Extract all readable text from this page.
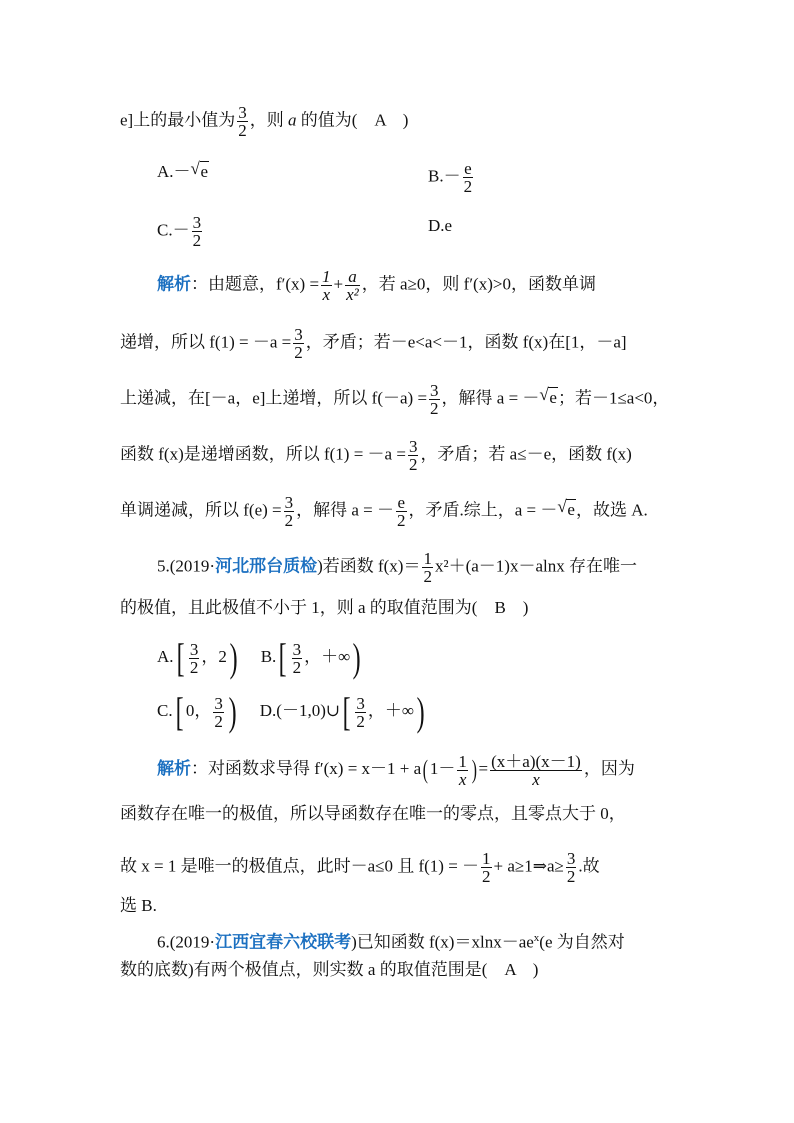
e]上的最小值为 $\frac{3}{2}$ ，则 a 的值为(　A　)
A.－ √ e	$B.- \frac{e}{2}$
$C.- \frac{3}{2}$	D.e
解析：由题意，$f'(x) = \frac{1}{x} + \frac{a}{\text{x²}}$ ，若 a≥0，则 f′(x)>0，函数单调
递增，所以 $f(1) = -a = \frac{3}{2}$ ，矛盾；若－e<a<－1，函数 f(x)在[1，－a]
上递减，在[－a，e]上递增，所以 $f(-a) = \frac{3}{2}$ ，解得 a = － √ e；若－1≤a<0，
函数 f(x)是递增函数，所以 $f(1) = -a = \frac{3}{2}$ ，矛盾；若 a≤－e，函数 f(x)
单调递减，所以 $f(e) = \frac{3}{2}$ ，解得 a = － $\frac{e}{2}$ ，矛盾.综上，a = － √ e，故选 A.
5.(2019·河北邢台质检)若函数 $f(x)= \frac{1}{2} x^2+(a-1)x-alnx$ 存在唯一
的极值，且此极值不小于 1，则 a 的取值范围为(　B　)
$A.[ \frac{3}{2}$ ，2) $B.[ \frac{3}{2}$ ，＋∞)
C.[ 0， $\frac{3}{2}$ ) D.(－1,0)∪[ $\frac{3}{2}$ ，＋∞)
解析：对函数求导得 f′(x) = x－1 + a( $1- \frac{1}{x}$ ) = $\frac{(x+a)(x-1)}{x}$ ，因为
函数存在唯一的极值，所以导函数存在唯一的零点，且零点大于 0，
故 x = 1 是唯一的极值点，此时－a≤0 且 f(1) = － $\frac{1}{2}$ + a≥1⇒a≥ $\frac{3}{2}$ .故
选 B.
6.(2019·江西宜春六校联考)已知函数 $f(x)=xlnx-ae^x(e$ 为自然对
数的底数)有两个极值点，则实数 a 的取值范围是(　A　)
